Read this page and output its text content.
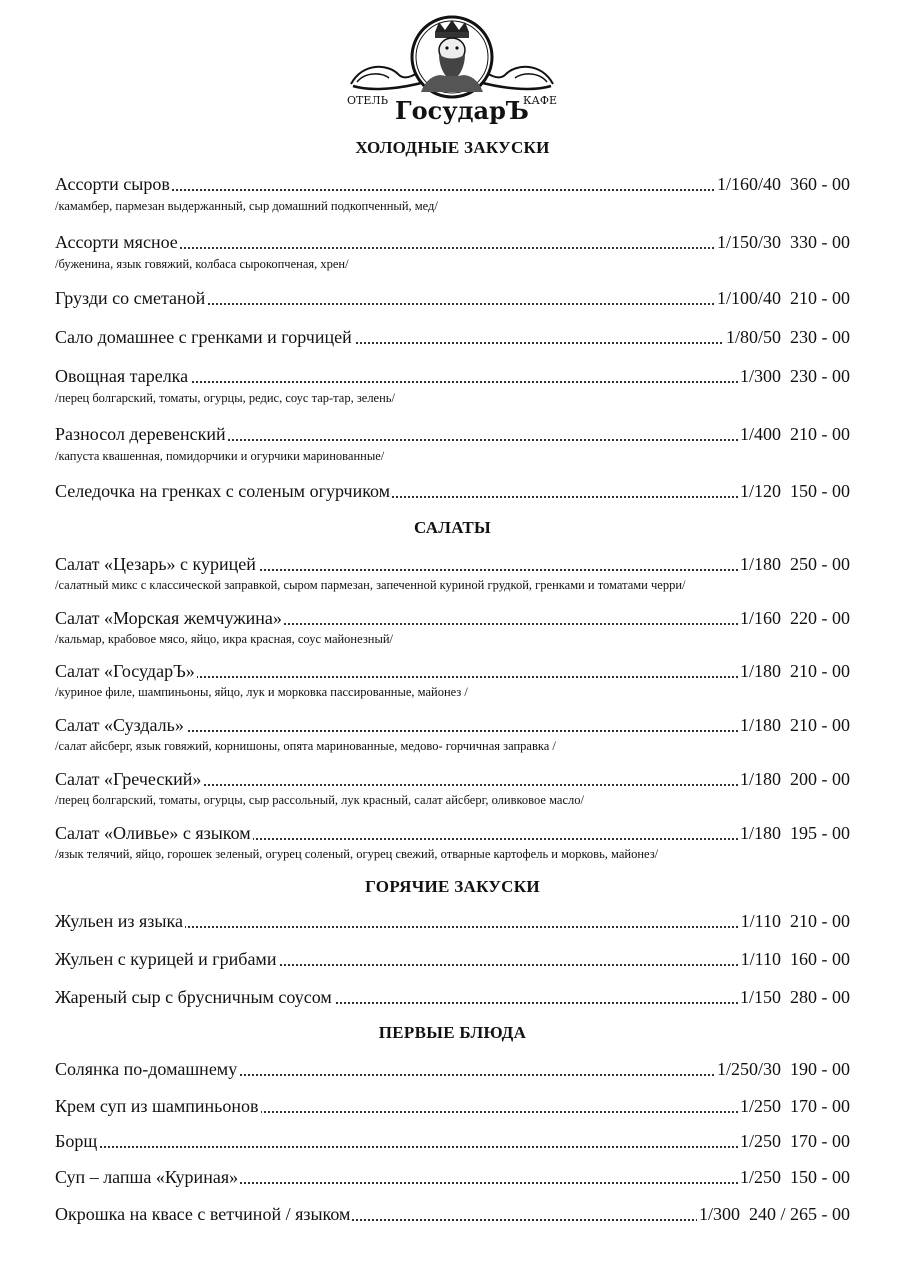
ОТЕЛЬ ГосударЪ
КАФЕ
ХОЛОДНЫЕ ЗАКУСКИ
Ассорти сыров	1/160/40 360 - 00
/камамбер, пармезан выдержанный, сыр домашний подкопченный, мед/
Ассорти мясное	1/150/30 330 - 00
/буженина, язык говяжий, колбаса сырокопченая, хрен/
Грузди со сметаной	1/100/40 210 - 00
Сало домашнее с гренками и горчицей	1/80/50 230 - 00
Овощная тарелка	1/300 230 - 00
/перец болгарский, томаты, огурцы, редис, соус тар-тар, зелень/
Разносол деревенский	1/400 210 - 00
/капуста квашенная, помидорчики и огурчики маринованные/
Селедочка на гренках с соленым огурчиком	1/120 150 - 00
САЛАТЫ
Салат «Цезарь» с курицей	1/180 250 - 00
/салатный микс с классической заправкой, сыром пармезан, запеченной куриной грудкой, гренками и томатами черри/
Салат «Морская жемчужина»	1/160 220 - 00
/кальмар, крабовое мясо, яйцо, икра красная, соус майонезный/
Салат «ГосударЪ»	1/180 210 - 00
/куриное филе, шампиньоны, яйцо, лук и морковка пассированные, майонез /
Салат «Суздаль»	1/180 210 - 00
/салат айсберг, язык говяжий, корнишоны, опята маринованные, медово- горчичная заправка /
Салат «Греческий»	1/180 200 - 00
/перец болгарский, томаты, огурцы, сыр рассольный, лук красный, салат айсберг, оливковое масло/
Салат «Оливье» с языком	1/180 195 - 00
/язык телячий, яйцо, горошек зеленый, огурец соленый, огурец свежий, отварные картофель и морковь, майонез/
ГОРЯЧИЕ ЗАКУСКИ
Жульен из языка	1/110 210 - 00
Жульен с курицей и грибами	1/110 160 - 00
Жареный сыр с брусничным соусом	1/150 280 - 00
ПЕРВЫЕ БЛЮДА
Солянка по-домашнему	1/250/30 190 - 00
Крем суп из шампиньонов	1/250 170 - 00
Борщ	1/250 170 - 00
Суп – лапша «Куриная»	1/250 150 - 00
Окрошка на квасе с ветчиной / языком	1/300 240 / 265 - 00
